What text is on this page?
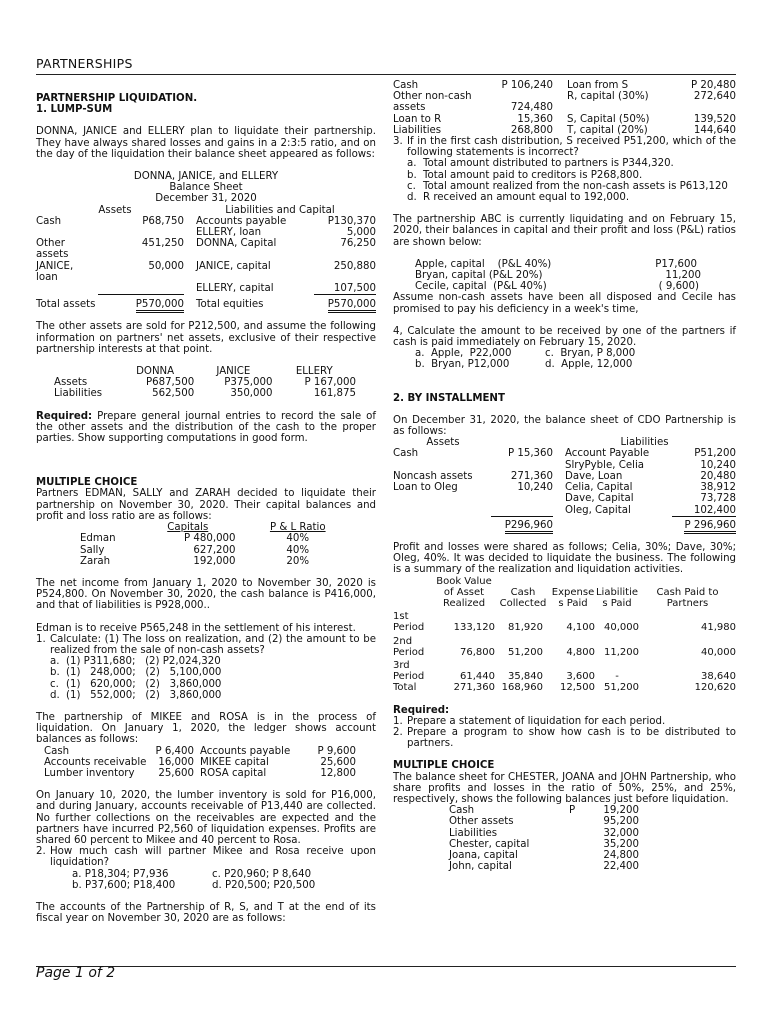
PARTNERSHIPS
PARTNERSHIP LIQUIDATION.
1. LUMP-SUM

DONNA, JANICE and ELLERY plan to liquidate their partnership. They have always shared losses and gains in a 2:3:5 ratio, and on the day of the liquidation their balance sheet appeared as follows:

DONNA, JANICE, and ELLERY
Balance Sheet
December 31, 2020
Assets		Liabilities and Capital	
Cash	P68,750	Accounts payable	P130,370
		ELLERY, loan	5,000
Other assets	451,250	DONNA, Capital	76,250
JANICE, loan	50,000	JANICE, capital	250,880
		ELLERY, capital	107,500
Total assets	P570,000	Total equities	P570,000

The other assets are sold for P212,500, and assume the following information on partners' net assets, exclusive of their respective partnership interests at that point.

	DONNA	JANICE	ELLERY
Assets	P687,500	P375,000	P 167,000
Liabilities	562,500	350,000	161,875

Required: Prepare general journal entries to record the sale of the other assets and the distribution of the cash to the proper parties. Show supporting computations in good form.

MULTIPLE CHOICE

Partners EDMAN, SALLY and ZARAH decided to liquidate their partnership on November 30, 2020. Their capital balances and profit and loss ratio are as follows:

	Capitals	P & L Ratio
Edman	P 480,000	40%
Sally	627,200	40%
Zarah	192,000	20%

The net income from January 1, 2020 to November 30, 2020 is P524,800. On November 30, 2020, the cash balance is P416,000, and that of liabilities is P928,000..

Edman is to receive P565,248 in the settlement of his interest.

1. Calculate: (1) The loss on realization, and (2) the amount to be realized from the sale of non-cash assets?
a. (1) P311,680;   (2) P2,024,320
b. (1)   248,000;   (2)   5,100,000
c. (1)   620,000;   (2)   3,860,000
d. (1)   552,000;   (2)   3,860,000

The partnership of MIKEE and ROSA is in the process of liquidation. On January 1, 2020, the ledger shows account balances as follows:

Cash	P 6,400	Accounts payable	P 9,600
Accounts receivable	16,000	MIKEE capital	25,600
Lumber inventory	25,600	ROSA capital	12,800

On January 10, 2020, the lumber inventory is sold for P16,000, and during January, accounts receivable of P13,440 are collected. No further collections on the receivables are expected and the partners have incurred P2,560 of liquidation expenses. Profits are shared 60 percent to Mikee and 40 percent to Rosa.

2. How much cash will partner Mikee and Rosa receive upon liquidation?
a. P18,304; P7,936	c. P20,960; P 8,640
b. P37,600; P18,400	d. P20,500; P20,500

The accounts of the Partnership of R, S, and T at the end of its fiscal year on November 30, 2020 are as follows:

Cash	P 106,240	Loan from S	P 20,480
Other non-cash		R, capital (30%)	272,640
assets	724,480		
Loan to R	15,360	S, Capital (50%)	139,520
Liabilities	268,800	T, capital (20%)	144,640
3. If in the first cash distribution, S received P51,200, which of the following statements is incorrect?
a. Total amount distributed to partners is P344,320.
b. Total amount paid to creditors is P268,800.
c. Total amount realized from the non-cash assets is P613,120
d. R received an amount equal to 192,000.

The partnership ABC is currently liquidating and on February 15, 2020, their balances in capital and their profit and loss (P&L) ratios are shown below:

Apple, capital    (P&L 40%)	P17,600
Bryan, capital (P&L 20%)	11,200
Cecile, capital  (P&L 40%)	( 9,600)

Assume non-cash assets have been all disposed and Cecile has promised to pay his deficiency in a week's time,

4, Calculate the amount to be received by one of the partners if cash is paid immediately on February 15, 2020.

a.  Apple,  P22,000	c.  Bryan, P 8,000
b.  Bryan, P12,000	d.  Apple, 12,000
2. BY INSTALLMENT

On December 31, 2020, the balance sheet of CDO Partnership is as follows:

Assets		Liabilities	
Cash	P 15,360	Account Payable	P51,200
		SlryPyble, Celia	10,240
Noncash assets	271,360	Dave, Loan	20,480
Loan to Oleg	10,240	Celia, Capital	38,912
		Dave, Capital	73,728
		Oleg, Capital	102,400
	P296,960		P 296,960

Profit and losses were shared as follows; Celia, 30%; Dave, 30%; Oleg, 40%. It was decided to liquidate the business. The following is a summary of the realization and liquidation activities.

	Book Value of Asset Realized	Cash Collected	Expenses Paid	Liabilities Paid	Cash Paid to Partners
1st Period	133,120	81,920	4,100	40,000	41,980
2nd Period	76,800	51,200	4,800	11,200	40,000
3rd Period	61,440	35,840	3,600	-	38,640
Total	271,360	168,960	12,500	51,200	120,620
Required:
1. Prepare a statement of liquidation for each period.
2. Prepare a program to show how cash is to be distributed to partners.
MULTIPLE CHOICE

The balance sheet for CHESTER, JOANA and JOHN Partnership, who share profits and losses in the ratio of 50%, 25%, and 25%, respectively, shows the following balances just before liquidation.

Cash	P	19,200
Other assets		95,200
Liabilities		32,000
Chester, capital		35,200
Joana, capital		24,800
John, capital		22,400
Page 1 of 2
